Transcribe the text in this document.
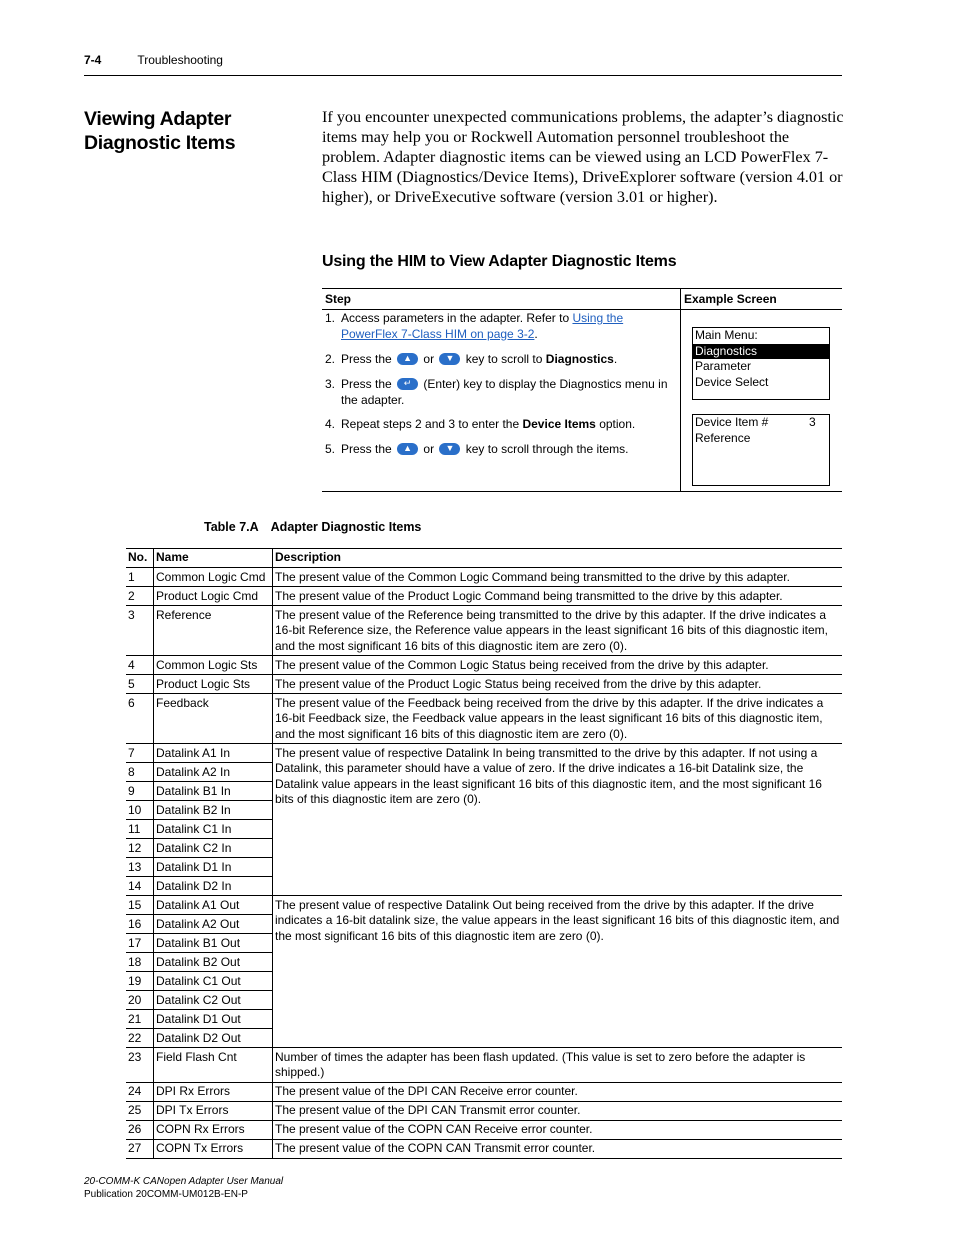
7-4	Troubleshooting
Viewing Adapter Diagnostic Items
If you encounter unexpected communications problems, the adapter’s diagnostic items may help you or Rockwell Automation personnel troubleshoot the problem. Adapter diagnostic items can be viewed using an LCD PowerFlex 7-Class HIM (Diagnostics/Device Items), DriveExplorer software (version 4.01 or higher), or DriveExecutive software (version 3.01 or higher).
Using the HIM to View Adapter Diagnostic Items
Step	Example Screen
1. Access parameters in the adapter. Refer to Using the PowerFlex 7-Class HIM on page 3-2.
2. Press the	▲ or	▼ key to scroll to Diagnostics.
3. Press the	↵	(Enter) key to display the Diagnostics menu in the adapter.
4. Repeat steps 2 and 3 to enter the Device Items option.
5. Press the	▲ or	▼ key to scroll through the items.
Main Menu:
Diagnostics
Parameter
Device Select
Device Item #	3
Reference
Table 7.A Adapter Diagnostic Items
No.	Name	Description
1	Common Logic Cmd	The present value of the Common Logic Command being transmitted to the drive by this adapter.
2	Product Logic Cmd	The present value of the Product Logic Command being transmitted to the drive by this adapter.
3	Reference	The present value of the Reference being transmitted to the drive by this adapter. If the drive indicates a 16-bit Reference size, the Reference value appears in the least significant 16 bits of this diagnostic item, and the most significant 16 bits of this diagnostic item are zero (0).
4	Common Logic Sts	The present value of the Common Logic Status being received from the drive by this adapter.
5	Product Logic Sts	The present value of the Product Logic Status being received from the drive by this adapter.
6	Feedback	The present value of the Feedback being received from the drive by this adapter. If the drive indicates a 16-bit Feedback size, the Feedback value appears in the least significant 16 bits of this diagnostic item, and the most significant 16 bits of this diagnostic item are zero (0).
7	Datalink A1 In	The present value of respective Datalink In being transmitted to the drive by this adapter. If not using a Datalink, this parameter should have a value of zero. If the drive indicates a 16-bit Datalink size, the Datalink value appears in the least significant 16 bits of this diagnostic item, and the most significant 16 bits of this diagnostic item are zero (0).
8	Datalink A2 In	
9	Datalink B1 In	
10	Datalink B2 In	
11	Datalink C1 In	
12	Datalink C2 In	
13	Datalink D1 In	
14	Datalink D2 In	
15	Datalink A1 Out	The present value of respective Datalink Out being received from the drive by this adapter. If the drive indicates a 16-bit datalink size, the value appears in the least significant 16 bits of this diagnostic item, and the most significant 16 bits of this diagnostic item are zero (0).
16	Datalink A2 Out	
17	Datalink B1 Out	
18	Datalink B2 Out	
19	Datalink C1 Out	
20	Datalink C2 Out	
21	Datalink D1 Out	
22	Datalink D2 Out	
23	Field Flash Cnt	Number of times the adapter has been flash updated. (This value is set to zero before the adapter is shipped.)
24	DPI Rx Errors	The present value of the DPI CAN Receive error counter.
25	DPI Tx Errors	The present value of the DPI CAN Transmit error counter.
26	COPN Rx Errors	The present value of the COPN CAN Receive error counter.
27	COPN Tx Errors	The present value of the COPN CAN Transmit error counter.
20-COMM-K CANopen Adapter User Manual
Publication 20COMM-UM012B-EN-P
